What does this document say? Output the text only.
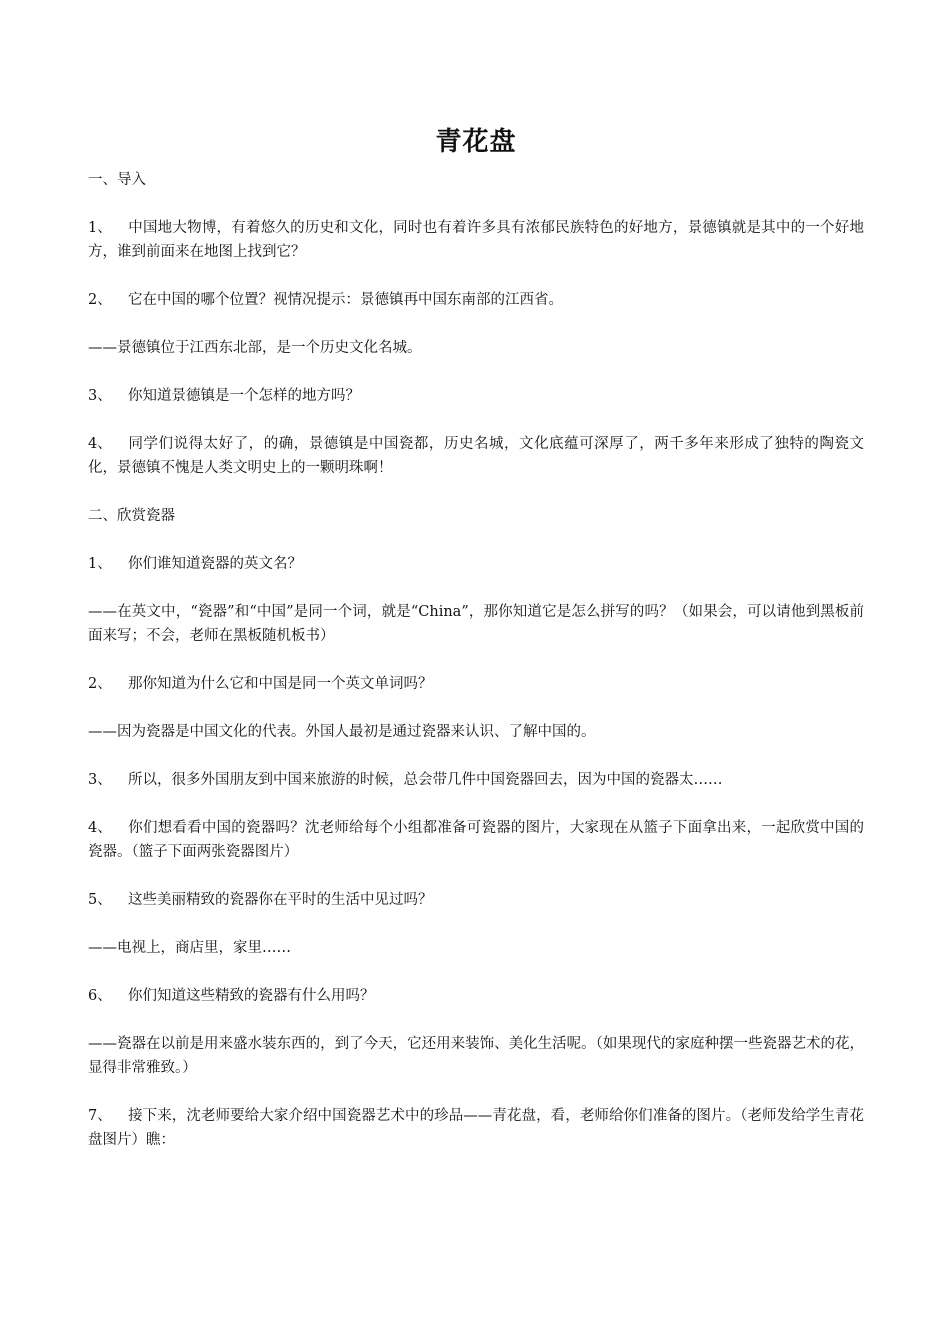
青花盘
一、导入
1、 中国地大物博，有着悠久的历史和文化，同时也有着许多具有浓郁民族特色的好地方，景德镇就是其中的一个好地方，谁到前面来在地图上找到它？
2、 它在中国的哪个位置？视情况提示：景德镇再中国东南部的江西省。
——景德镇位于江西东北部，是一个历史文化名城。
3、 你知道景德镇是一个怎样的地方吗？
4、 同学们说得太好了，的确，景德镇是中国瓷都，历史名城，文化底蕴可深厚了，两千多年来形成了独特的陶瓷文化，景德镇不愧是人类文明史上的一颗明珠啊！
二、欣赏瓷器
1、 你们谁知道瓷器的英文名？
——在英文中，“瓷器”和“中国”是同一个词，就是“China”，那你知道它是怎么拼写的吗？（如果会，可以请他到黑板前面来写；不会，老师在黑板随机板书）
2、 那你知道为什么它和中国是同一个英文单词吗？
——因为瓷器是中国文化的代表。外国人最初是通过瓷器来认识、了解中国的。
3、 所以，很多外国朋友到中国来旅游的时候，总会带几件中国瓷器回去，因为中国的瓷器太……
4、 你们想看看中国的瓷器吗？沈老师给每个小组都准备可瓷器的图片，大家现在从篮子下面拿出来，一起欣赏中国的瓷器。（篮子下面两张瓷器图片）
5、 这些美丽精致的瓷器你在平时的生活中见过吗？
——电视上，商店里，家里……
6、 你们知道这些精致的瓷器有什么用吗？
——瓷器在以前是用来盛水装东西的，到了今天，它还用来装饰、美化生活呢。（如果现代的家庭种摆一些瓷器艺术的花，显得非常雅致。）
7、 接下来，沈老师要给大家介绍中国瓷器艺术中的珍品——青花盘，看，老师给你们准备的图片。（老师发给学生青花盘图片）瞧：
